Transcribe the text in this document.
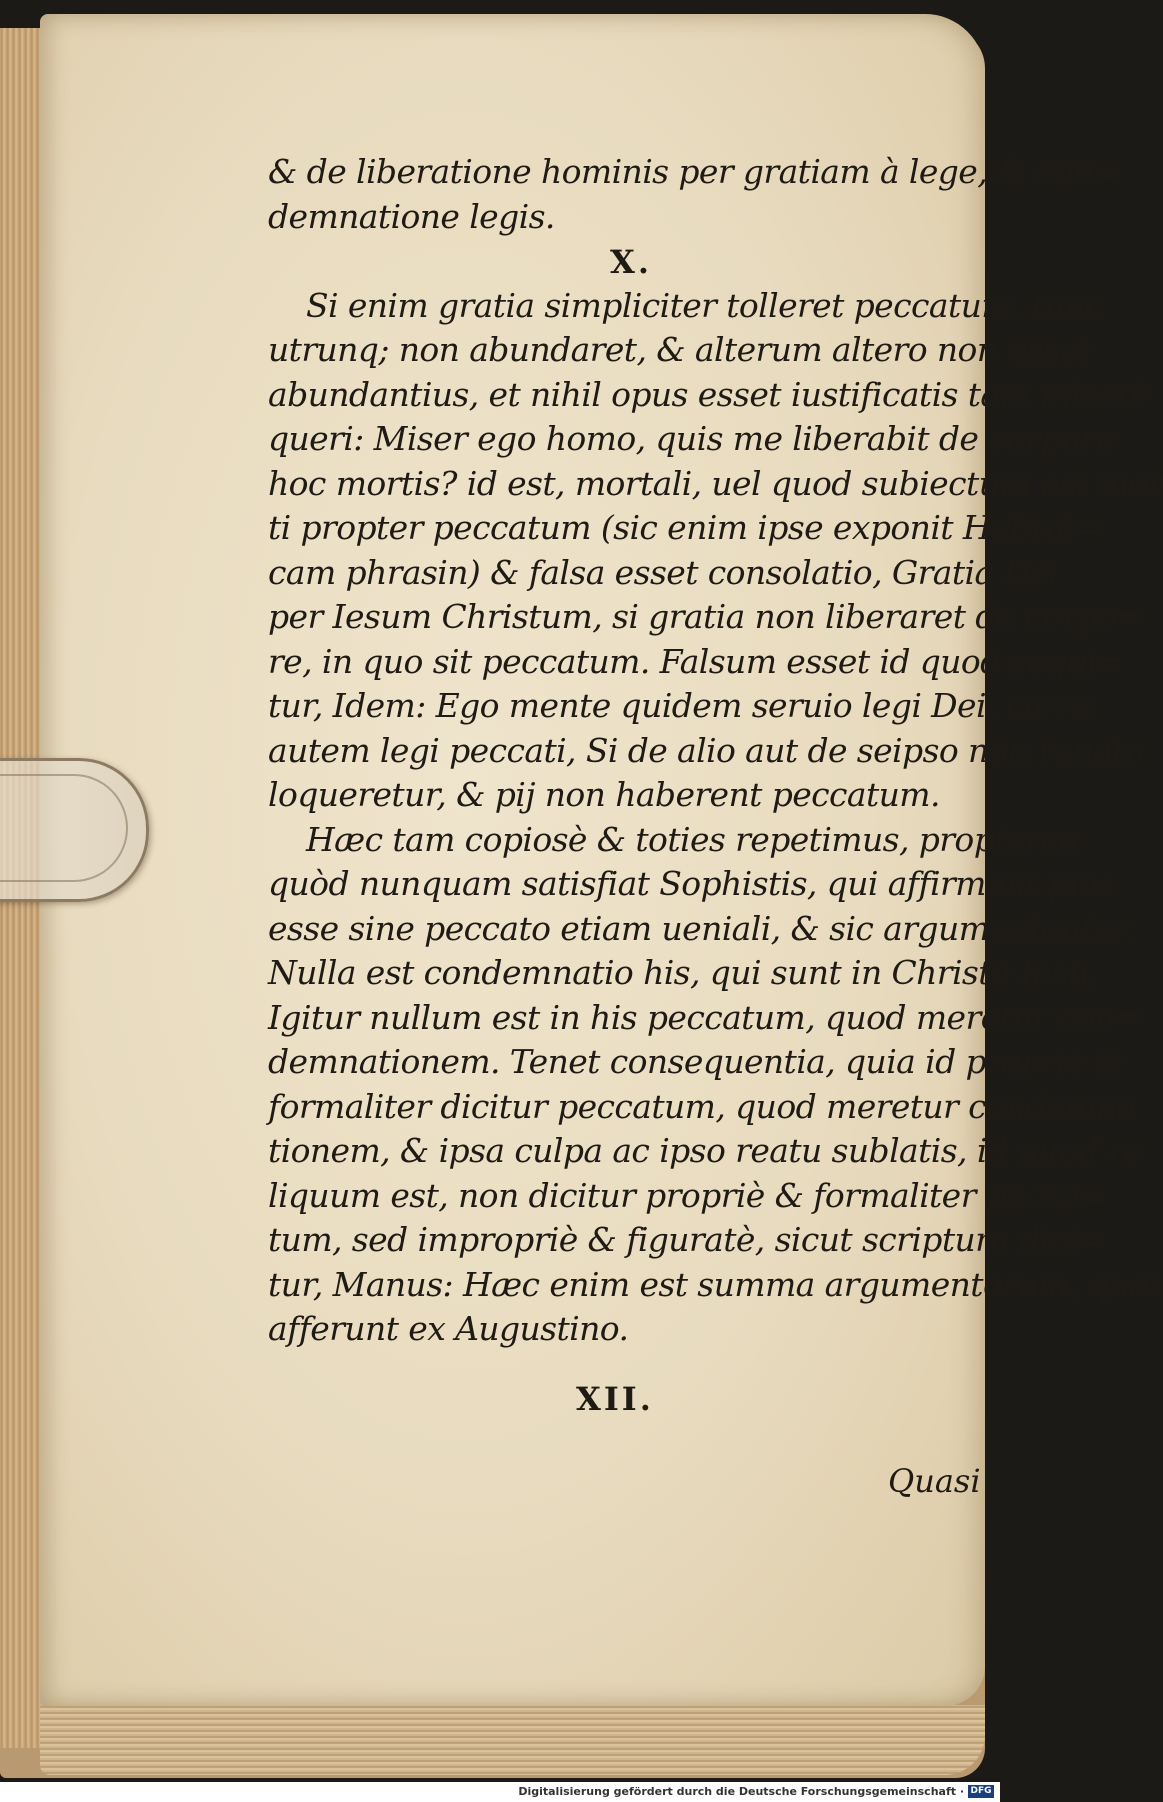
X.
& de liberatione hominis per gratiam à lege, & con=
demnatione legis.
Si enim gratia simpliciter tolleret peccatum, tunc
utrunq; non abundaret, & alterum altero non esset
abundantius, et nihil opus esset iustificatis tam miserè
queri: Miser ego homo, quis me liberabit de corpore
hoc mortis? id est, mortali, uel quod subiectum est mor
ti propter peccatum (sic enim ipse exponit Hebrai=
cam phrasin) & falsa esset consolatio, Gratia Dei
per Iesum Christum, si gratia non liberaret de corpo=
re, in quo sit peccatum. Falsum esset id quod sequi=
tur, Idem: Ego mente quidem seruio legi Dei, carne
autem legi peccati, Si de alio aut de seipso non renato
loqueretur, & pij non haberent peccatum.
Hæc tam copiosè & toties repetimus, propterea
quòd nunquam satisfiat Sophistis, qui affirmant pios
esse sine peccato etiam ueniali, & sic argumentantur,
Nulla est condemnatio his, qui sunt in Christo Iesu,
Igitur nullum est in his peccatum, quod meretur con=
demnationem. Tenet consequentia, quia id propriè &
formaliter dicitur peccatum, quod meretur condemna
tionem, & ipsa culpa ac ipso reatu sublatis, id quod re
liquum est, non dicitur propriè & formaliter pecca=
tum, sed impropriè & figuratè, sicut scriptura dici=
tur, Manus: Hæc enim est summa argumentorum, quæ
afferunt ex Augustino.
XII.
Quasi
Digitalisierung gefördert durch die Deutsche Forschungsgemeinschaft · DFG
